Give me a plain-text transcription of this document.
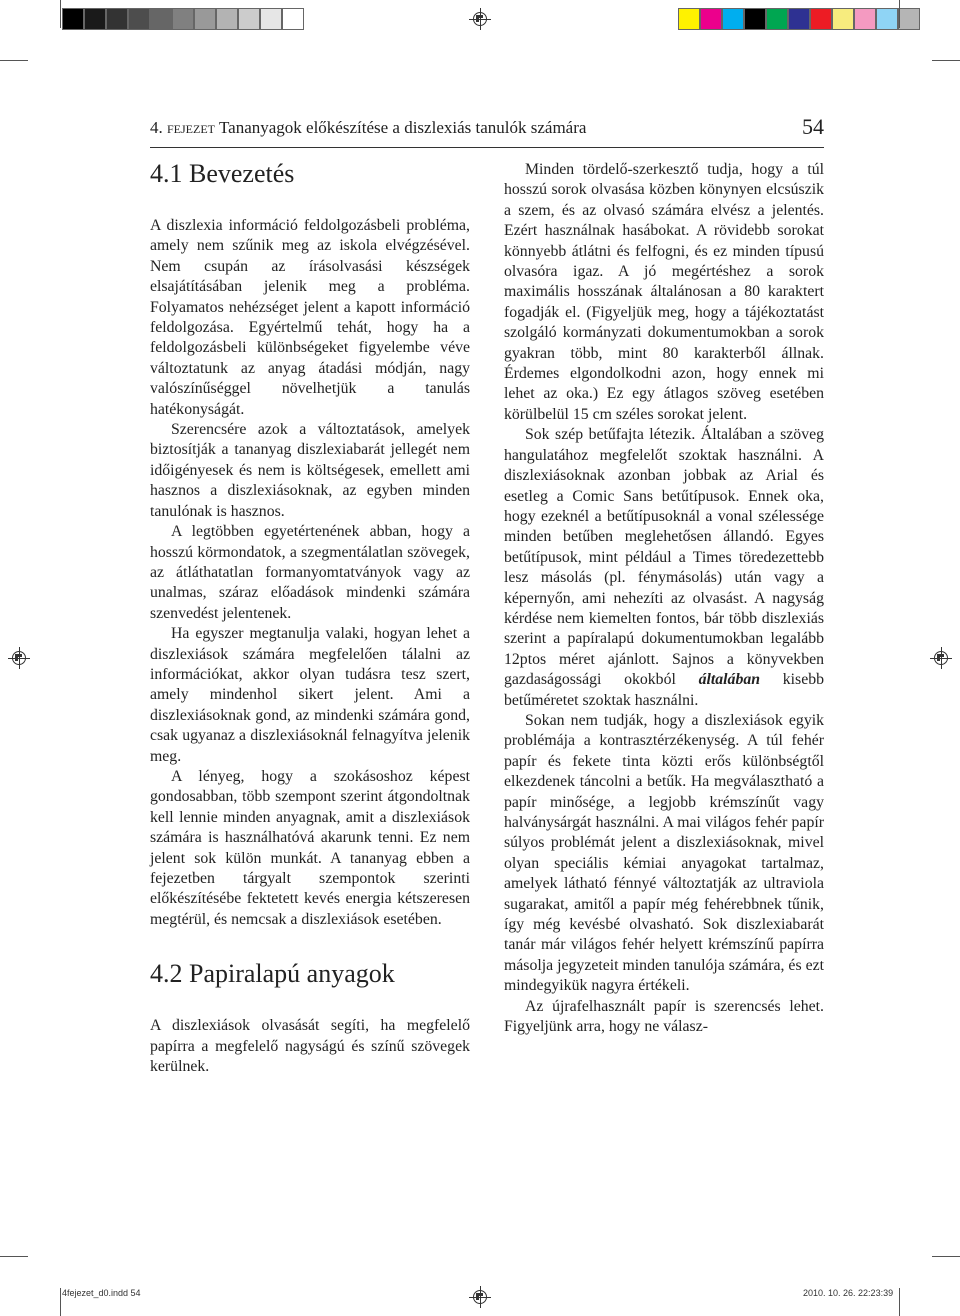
4. fejezet Tananyagok előkészítése a diszlexiás tanulók számára	54
4.1 Bevezetés

A diszlexia információ feldolgozásbeli probléma, amely nem szűnik meg az iskola elvégzésével. Nem csupán az írásolvasási készségek elsajátításában jelenik meg a probléma. Folyamatos nehézséget jelent a kapott információ feldolgozása. Egyértelmű tehát, hogy ha a feldolgozásbeli különbségeket figyelembe véve változtatunk az anyag átadási módján, nagy valószínűséggel növelhetjük a tanulás hatékonyságát.

Szerencsére azok a változtatások, amelyek biztosítják a tananyag diszlexiabarát jellegét nem időigényesek és nem is költségesek, emellett ami hasznos a diszlexiásoknak, az egyben minden tanulónak is hasznos.

A legtöbben egyetértenének abban, hogy a hosszú körmondatok, a szegmentálatlan szövegek, az átláthatatlan formanyomtatványok vagy az unalmas, száraz előadások mindenki számára szenvedést jelentenek.

Ha egyszer megtanulja valaki, hogyan lehet a diszlexiások számára megfelelően tálalni az információkat, akkor olyan tudásra tesz szert, amely mindenhol sikert jelent. Ami a diszlexiásoknak gond, az mindenki számára gond, csak ugyanaz a diszlexiásoknál felnagyítva jelenik meg.

A lényeg, hogy a szokásoshoz képest gondosabban, több szempont szerint átgondoltnak kell lennie minden anyagnak, amit a diszlexiások számára is használhatóvá akarunk tenni. Ez nem jelent sok külön munkát. A tananyag ebben a fejezetben tárgyalt szempontok szerinti előkészítésébe fektetett kevés energia kétszeresen megtérül, és nemcsak a diszlexiások esetében.

4.2 Papiralapú anyagok

A diszlexiások olvasását segíti, ha megfelelő papírra a megfelelő nagyságú és színű szövegek kerülnek.

Minden tördelő-szerkesztő tudja, hogy a túl hosszú sorok olvasása közben könynyen elcsúszik a szem, és az olvasó számára elvész a jelentés. Ezért használnak hasábokat. A rövidebb sorokat könnyebb átlátni és felfogni, és ez minden típusú olvasóra igaz. A jó megértéshez a sorok maximális hosszának általánosan a 80 karaktert fogadják el. (Figyeljük meg, hogy a tájékoztatást szolgáló kormányzati dokumentumokban a sorok gyakran több, mint 80 karakterből állnak. Érdemes elgondolkodni azon, hogy ennek mi lehet az oka.) Ez egy átlagos szöveg esetében körülbelül 15 cm széles sorokat jelent.

Sok szép betűfajta létezik. Általában a szöveg hangulatához megfelelőt szoktak használni. A diszlexiásoknak azonban jobbak az Arial és esetleg a Comic Sans betűtípusok. Ennek oka, hogy ezeknél a betűtípusoknál a vonal szélessége minden betűben meglehetősen állandó. Egyes betűtípusok, mint például a Times töredezettebb lesz másolás (pl. fénymásolás) után vagy a képernyőn, ami nehezíti az olvasást. A nagyság kérdése nem kiemelten fontos, bár több diszlexiás szerint a papíralapú dokumentumokban legalább 12ptos méret ajánlott. Sajnos a könyvekben gazdaságossági okokból általában kisebb betűméretet szoktak használni.

Sokan nem tudják, hogy a diszlexiások egyik problémája a kontrasztérzékenység. A túl fehér papír és fekete tinta közti erős különbségtől elkezdenek táncolni a betűk. Ha megválasztható a papír minősége, a legjobb krémszínűt vagy halványsárgát használni. A mai világos fehér papír súlyos problémát jelent a diszlexiásoknak, mivel olyan speciális kémiai anyagokat tartalmaz, amelyek látható fénnyé változtatják az ultraviola sugarakat, amitől a papír még fehérebbnek tűnik, így még kevésbé olvasható. Sok diszlexiabarát tanár már világos fehér helyett krémszínű papírra másolja jegyzeteit minden tanulója számára, és ezt mindegyikük nagyra értékeli.

Az újrafelhasznált papír is szerencsés lehet. Figyeljünk arra, hogy ne válasz-

4fejezet_d0.indd 54	2010. 10. 26. 22:23:39
